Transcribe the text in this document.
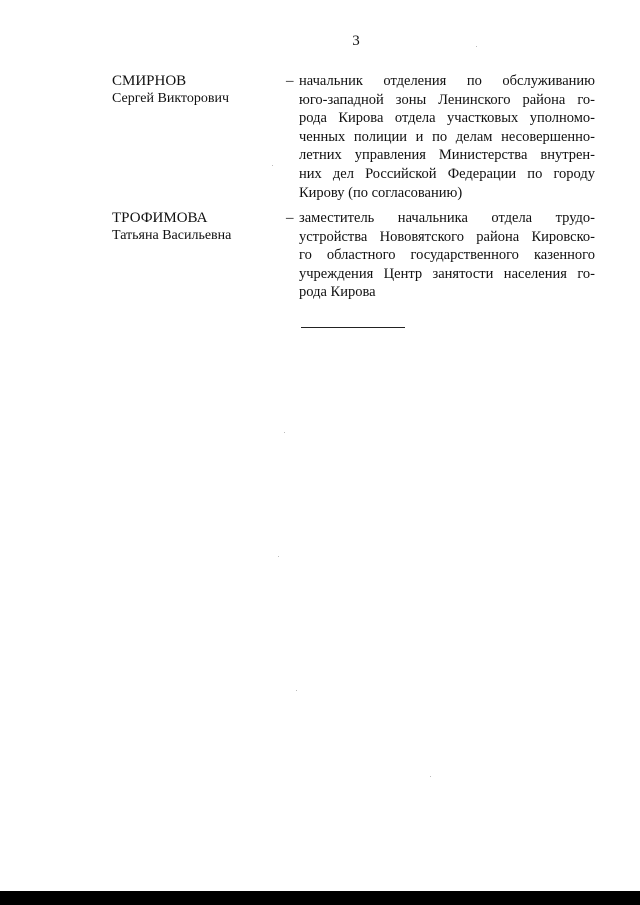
3
СМИРНОВ
Сергей Викторович
– начальник отделения по обслуживанию
юго-западной зоны Ленинского района го-
рода Кирова отдела участковых уполномо-
ченных полиции и по делам несовершенно-
летних управления Министерства внутрен-
них дел Российской Федерации по городу
Кирову (по согласованию)
ТРОФИМОВА
Татьяна Васильевна
– заместитель начальника отдела трудо-
устройства Нововятского района Кировско-
го областного государственного казенного
учреждения Центр занятости населения го-
рода Кирова
